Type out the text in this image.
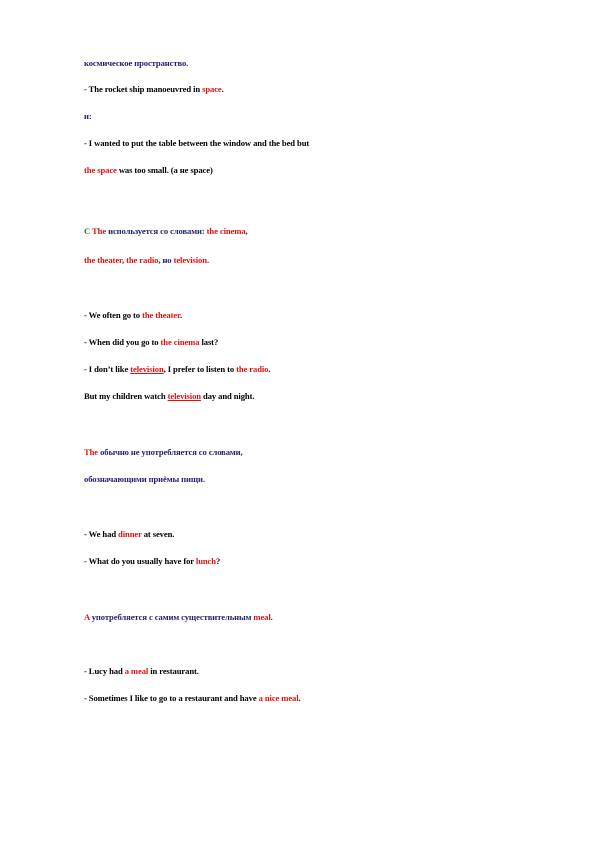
космическое пространство.
- The rocket ship manoeuvred in space.
и:
- I wanted to put the table between the window and the bed but
the space was too small. (a не space)
C The используется со словами: the cinema,
the theater, the radio, но television.
- We often go to the theater.
- When did you go to the cinema last?
- I don’t like television, I prefer to listen to the radio.
But my children watch television day and night.
The обычно не употребляется со словами,
обозначающими приёмы пищи.
- We had dinner at seven.
- What do you usually have for lunch?
A употребляется с самим существительным meal.
- Lucy had a meal in restaurant.
- Sometimes I like to go to a restaurant and have a nice meal.
